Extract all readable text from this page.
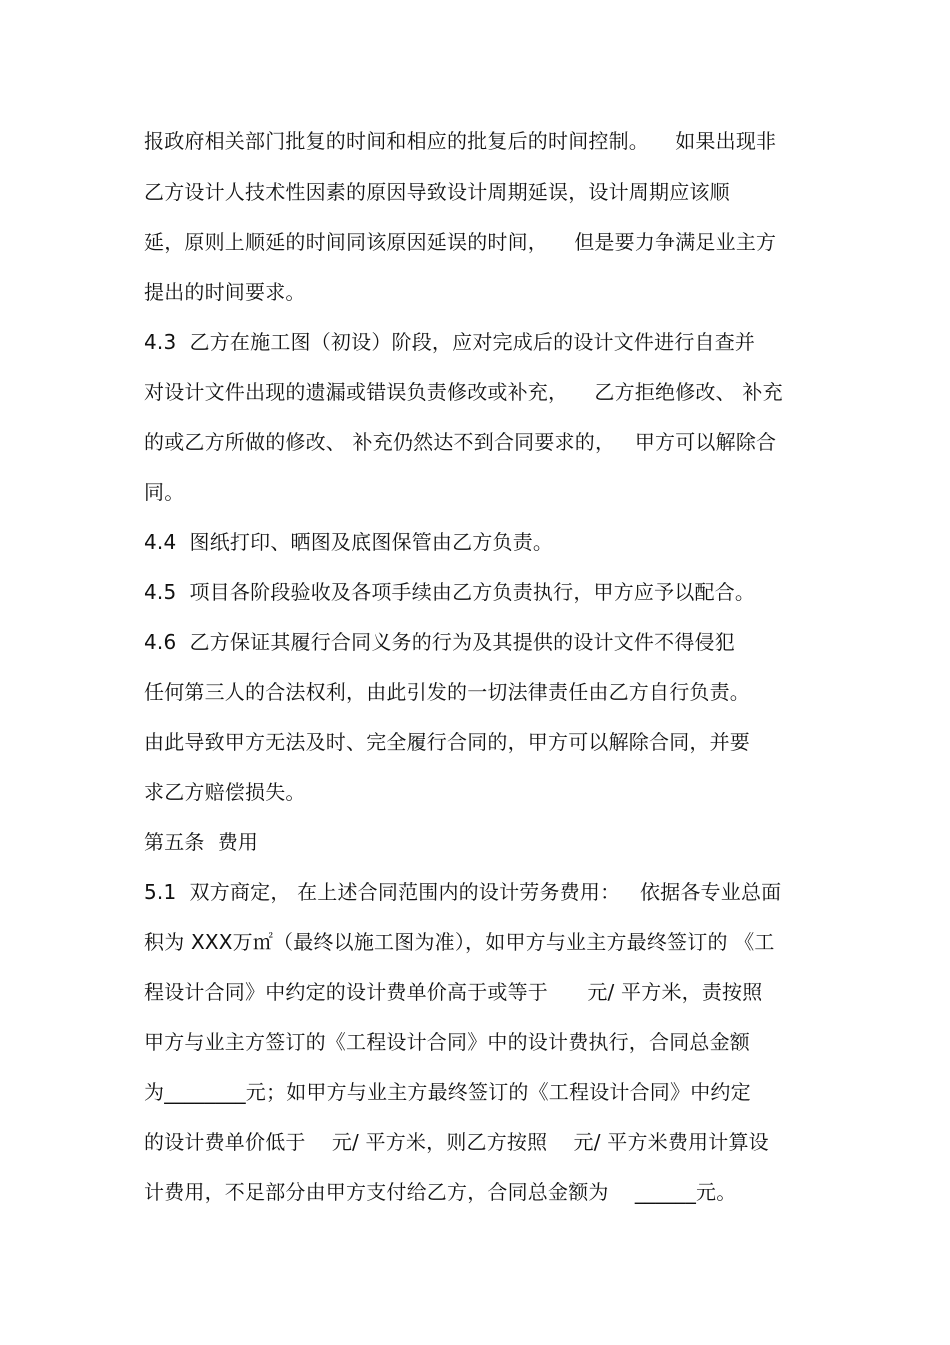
报政府相关部门批复的时间和相应的批复后的时间控制。    如果出现非
乙方设计人技术性因素的原因导致设计周期延误，设计周期应该顺
延，原则上顺延的时间同该原因延误的时间，    但是要力争满足业主方
提出的时间要求。
4.3  乙方在施工图（初设）阶段，应对完成后的设计文件进行自查并
对设计文件出现的遗漏或错误负责修改或补充，    乙方拒绝修改、 补充
的或乙方所做的修改、 补充仍然达不到合同要求的，   甲方可以解除合
同。
4.4  图纸打印、晒图及底图保管由乙方负责。
4.5  项目各阶段验收及各项手续由乙方负责执行，甲方应予以配合。
4.6  乙方保证其履行合同义务的行为及其提供的设计文件不得侵犯
任何第三人的合法权利，由此引发的一切法律责任由乙方自行负责。
由此导致甲方无法及时、完全履行合同的，甲方可以解除合同，并要
求乙方赔偿损失。
第五条  费用
5.1  双方商定， 在上述合同范围内的设计劳务费用：   依据各专业总面
积为 XXX万㎡（最终以施工图为准），如甲方与业主方最终签订的 《工
程设计合同》中约定的设计费单价高于或等于      元/ 平方米，责按照
甲方与业主方签订的《工程设计合同》中的设计费执行，合同总金额
为________元；如甲方与业主方最终签订的《工程设计合同》中约定
的设计费单价低于    元/ 平方米，则乙方按照    元/ 平方米费用计算设
计费用，不足部分由甲方支付给乙方，合同总金额为    ______元。
